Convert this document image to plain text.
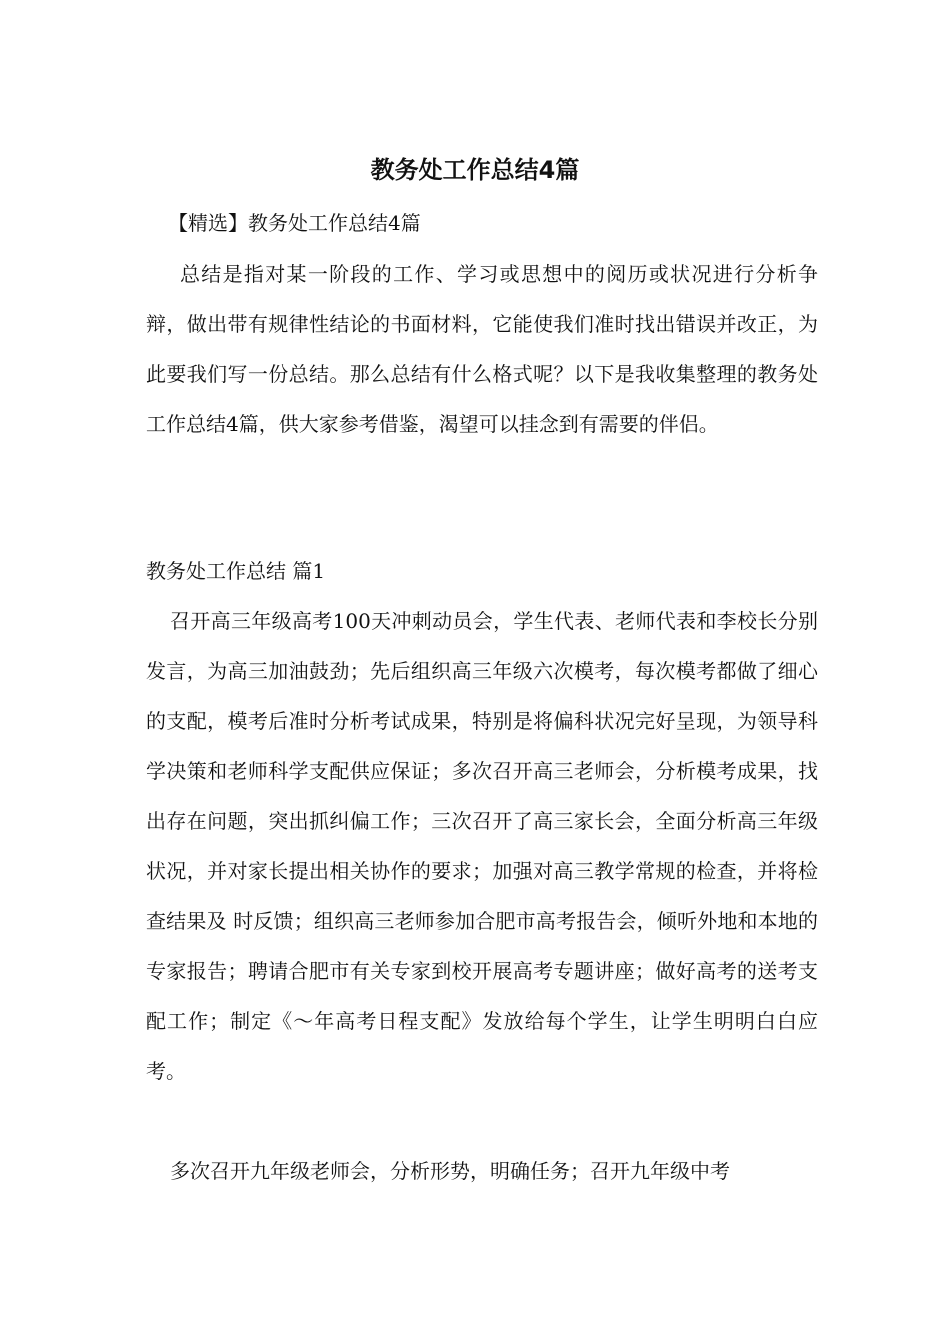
教务处工作总结4篇

【精选】教务处工作总结4篇

总结是指对某一阶段的工作、学习或思想中的阅历或状况进行分析争辩，做出带有规律性结论的书面材料，它能使我们准时找出错误并改正，为此要我们写一份总结。那么总结有什么格式呢？以下是我收集整理的教务处工作总结4篇，供大家参考借鉴，渴望可以挂念到有需要的伴侣。

教务处工作总结 篇1

召开高三年级高考100天冲刺动员会，学生代表、老师代表和李校长分别发言，为高三加油鼓劲；先后组织高三年级六次模考，每次模考都做了细心的支配，模考后准时分析考试成果，特别是将偏科状况完好呈现，为领导科学决策和老师科学支配供应保证；多次召开高三老师会，分析模考成果，找出存在问题，突出抓纠偏工作；三次召开了高三家长会，全面分析高三年级状况，并对家长提出相关协作的要求；加强对高三教学常规的检查，并将检查结果及 时反馈；组织高三老师参加合肥市高考报告会，倾听外地和本地的专家报告；聘请合肥市有关专家到校开展高考专题讲座；做好高考的送考支配工作；制定《～年高考日程支配》发放给每个学生，让学生明明白白应考。

多次召开九年级老师会，分析形势，明确任务；召开九年级中考
